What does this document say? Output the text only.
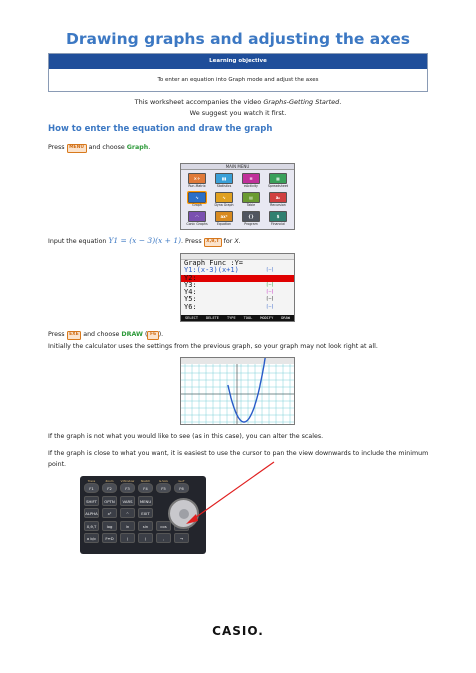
Drawing graphs and adjusting the axes
Learning objective
To enter an equation into Graph mode and adjust the axes
This worksheet accompanies the video Graphs-Getting Started.
We suggest you watch it first.
How to enter the equation and draw the graph
Press MENU and choose Graph.
MAIN MENU
×÷
Run-Matrix
▮▮
Statistics
≡
eActivity
▦
Spreadsheet
∿
Graph
∿
Dyna Graph
▤
Table
aₙ
Recursion
◠
Conic Graphs
ax²
Equation
{}
Program
$
Financial
Input the equation Y1 = (x − 3)(x + 1). Press X,θ,T for X.
Graph Func :Y=
Y1:(x-3)(x+1)	[—]
Y2:	[—]
Y3:	[—]
Y4:	[—]
Y5:	[—]
Y6:	[—]
SELECT DELETE TYPE TOOL MODIFY DRAW
Press EXE and choose DRAW ( F6 ).
Initially the calculator uses the settings from the previous graph, so your graph may not look right at all.
If the graph is not what you would like to see (as in this case), you can alter the scales.
If the graph is close to what you want, it is easiest to use the cursor to pan the view downwards to include the minimum point.
Trace	Zoom	V-Window	Sketch	G-Solv	G↔T
F1	F2	F3	F4	F5	F6
SHIFT	OPTN	VARS	MENU
ALPHA	x²	^	EXIT
X,θ,T	log	ln	sin	cos
a b/c	F↔D	(	)	,	→
CASIO.
